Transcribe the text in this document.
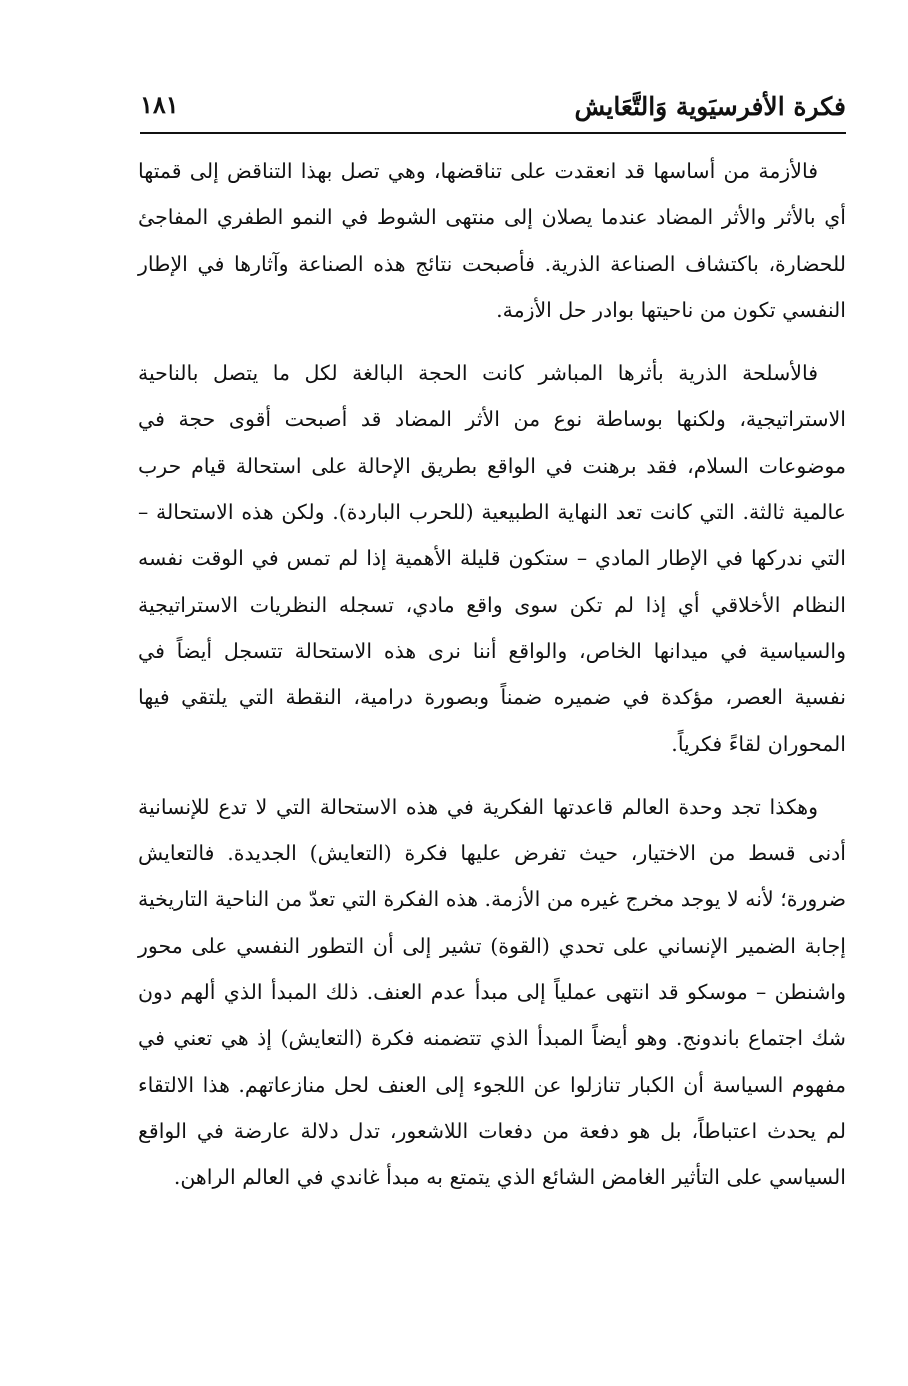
فكرة الأفرسيَوية وَالتَّعَايش
١٨١

فالأزمة من أساسها قد انعقدت على تناقضها، وهي تصل بهذا التناقض إلى قمتها أي بالأثر والأثر المضاد عندما يصلان إلى منتهى الشوط في النمو الطفري المفاجئ للحضارة، باكتشاف الصناعة الذرية. فأصبحت نتائج هذه الصناعة وآثارها في الإطار النفسي تكون من ناحيتها بوادر حل الأزمة.

فالأسلحة الذرية بأثرها المباشر كانت الحجة البالغة لكل ما يتصل بالناحية الاستراتيجية، ولكنها بوساطة نوع من الأثر المضاد قد أصبحت أقوى حجة في موضوعات السلام، فقد برهنت في الواقع بطريق الإحالة على استحالة قيام حرب عالمية ثالثة. التي كانت تعد النهاية الطبيعية (للحرب الباردة). ولكن هذه الاستحالة – التي ندركها في الإطار المادي – ستكون قليلة الأهمية إذا لم تمس في الوقت نفسه النظام الأخلاقي أي إذا لم تكن سوى واقع مادي، تسجله النظريات الاستراتيجية والسياسية في ميدانها الخاص، والواقع أننا نرى هذه الاستحالة تتسجل أيضاً في نفسية العصر، مؤكدة في ضميره ضمناً وبصورة درامية، النقطة التي يلتقي فيها المحوران لقاءً فكرياً.

وهكذا تجد وحدة العالم قاعدتها الفكرية في هذه الاستحالة التي لا تدع للإنسانية أدنى قسط من الاختيار، حيث تفرض عليها فكرة (التعايش) الجديدة. فالتعايش ضرورة؛ لأنه لا يوجد مخرج غيره من الأزمة. هذه الفكرة التي تعدّ من الناحية التاريخية إجابة الضمير الإنساني على تحدي (القوة) تشير إلى أن التطور النفسي على محور واشنطن – موسكو قد انتهى عملياً إلى مبدأ عدم العنف. ذلك المبدأ الذي ألهم دون شك اجتماع باندونج. وهو أيضاً المبدأ الذي تتضمنه فكرة (التعايش) إذ هي تعني في مفهوم السياسة أن الكبار تنازلوا عن اللجوء إلى العنف لحل منازعاتهم. هذا الالتقاء لم يحدث اعتباطاً، بل هو دفعة من دفعات اللاشعور، تدل دلالة عارضة في الواقع السياسي على التأثير الغامض الشائع الذي يتمتع به مبدأ غاندي في العالم الراهن.
